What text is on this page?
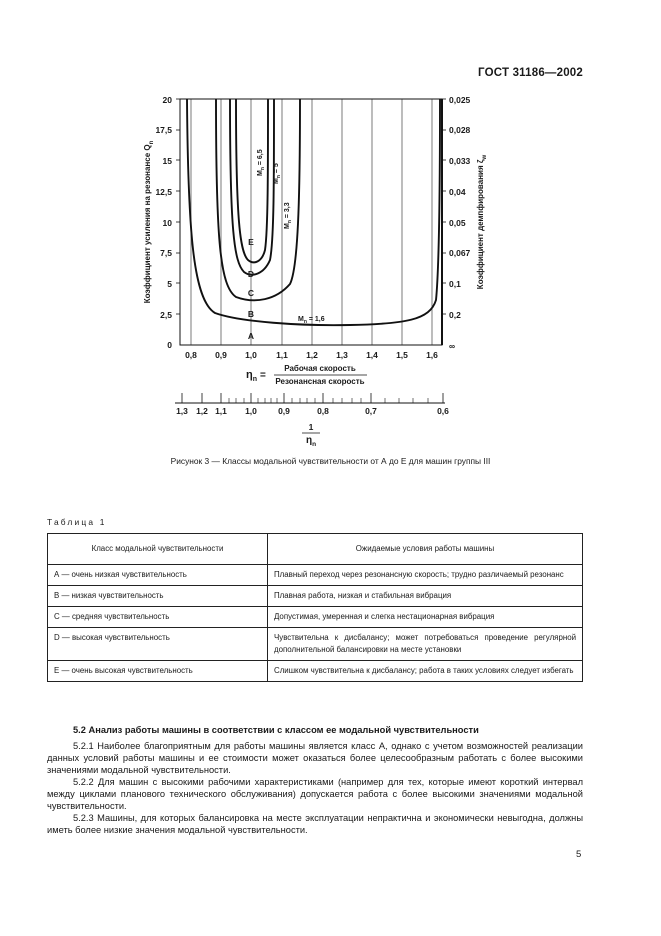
ГОСТ 31186—2002
0
2,5
5
7,5
10
12,5
15
17,5
20
∞
0,2
0,1
0,067
0,05
0,04
0,033
0,028
0,025
Коэффициент усиления на резонансе $Q_n$
Коэффициент демпфирования $\zeta_w$
$M_n = 1,6$
$M_n = 3,3$
$M_n = 5$
$M_n = 6,5$
A
B
C
D
E
0,8 0,9 1,0 1,1 1,2 1,3 1,4 1,5 1,6
$\eta_n$ =
Рабочая скорость
Резонансная скорость
1,3 1,2 1,1 1,0 0,9	0,8	0,7	0,6
1
$\eta_n$
Рисунок 3 — Классы модальной чувствительности от А до Е для машин группы III
Таблица 1
Класс модальной чувствительности	Ожидаемые условия работы машины
А — очень низкая чувствительность	Плавный переход через резонансную скорость; трудно различаемый резонанс
В — низкая чувствительность	Плавная работа, низкая и стабильная вибрация
С — средняя чувствительность	Допустимая, умеренная и слегка нестационарная вибрация
D — высокая чувствительность	Чувствительна к дисбалансу; может потребоваться проведение регулярной дополнительной балансировки на месте установки
Е — очень высокая чувствительность	Слишком чувствительна к дисбалансу; работа в таких условиях следует избегать
5.2 Анализ работы машины в соответствии с классом ее модальной чувствительности

5.2.1 Наиболее благоприятным для работы машины является класс А, однако с учетом возможностей реализации данных условий работы машины и ее стоимости может оказаться более целесообразным работать с более высокими значениями модальной чувствительности.

5.2.2 Для машин с высокими рабочими характеристиками (например для тех, которые имеют короткий интервал между циклами планового технического обслуживания) допускается работа с более высокими значениями модальной чувствительности.

5.2.3 Машины, для которых балансировка на месте эксплуатации непрактична и экономически невыгодна, должны иметь более низкие значения модальной чувствительности.

5
